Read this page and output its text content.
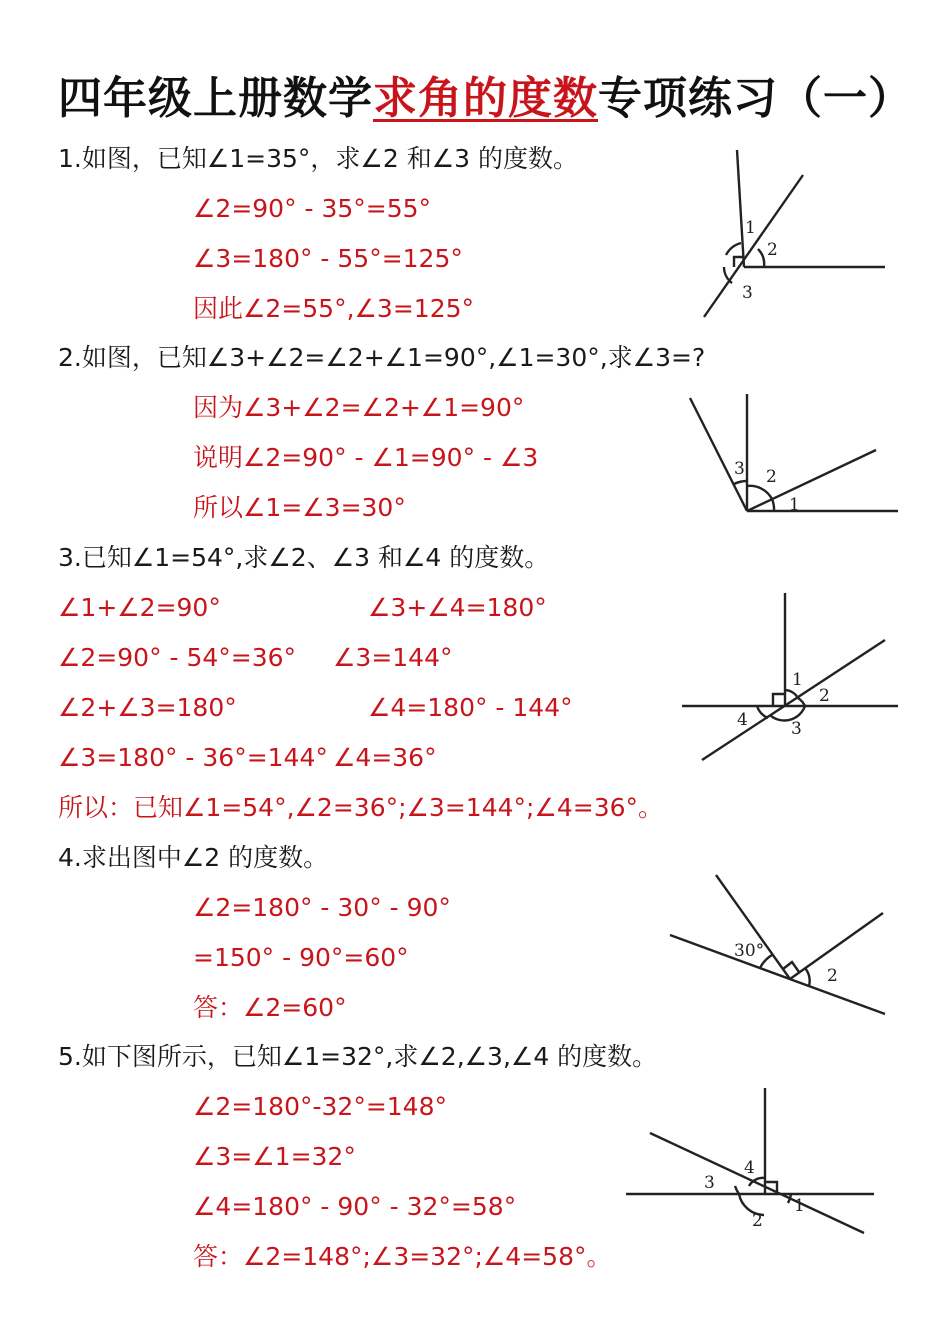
四年级上册数学求角的度数专项练习（一）
1.如图，已知∠1=35°，求∠2 和∠3 的度数。
∠2=90° - 35°=55°
∠3=180° - 55°=125°
因此∠2=55°,∠3=125°
1
2
3
2.如图，已知∠3+∠2=∠2+∠1=90°,∠1=30°,求∠3=?
因为∠3+∠2=∠2+∠1=90°
说明∠2=90° - ∠1=90° - ∠3
所以∠1=∠3=30°
3 2
1
3.已知∠1=54°,求∠2、∠3 和∠4 的度数。
∠1+∠2=90°
∠2=90° - 54°=36°
∠2+∠3=180°
∠3=180° - 36°=144°
∠3+∠4=180°
∠3=144°
∠4=180° - 144°
∠4=36°
所以：已知∠1=54°,∠2=36°;∠3=144°;∠4=36°。
1
2
3
4
4.求出图中∠2 的度数。
∠2=180° - 30° - 90°
=150° - 90°=60°
答：∠2=60°
30°
2
5.如下图所示，已知∠1=32°,求∠2,∠3,∠4 的度数。
∠2=180°-32°=148°
∠3=∠1=32°
∠4=180° - 90° - 32°=58°
答：∠2=148°;∠3=32°;∠4=58°。
4
3
2
1
